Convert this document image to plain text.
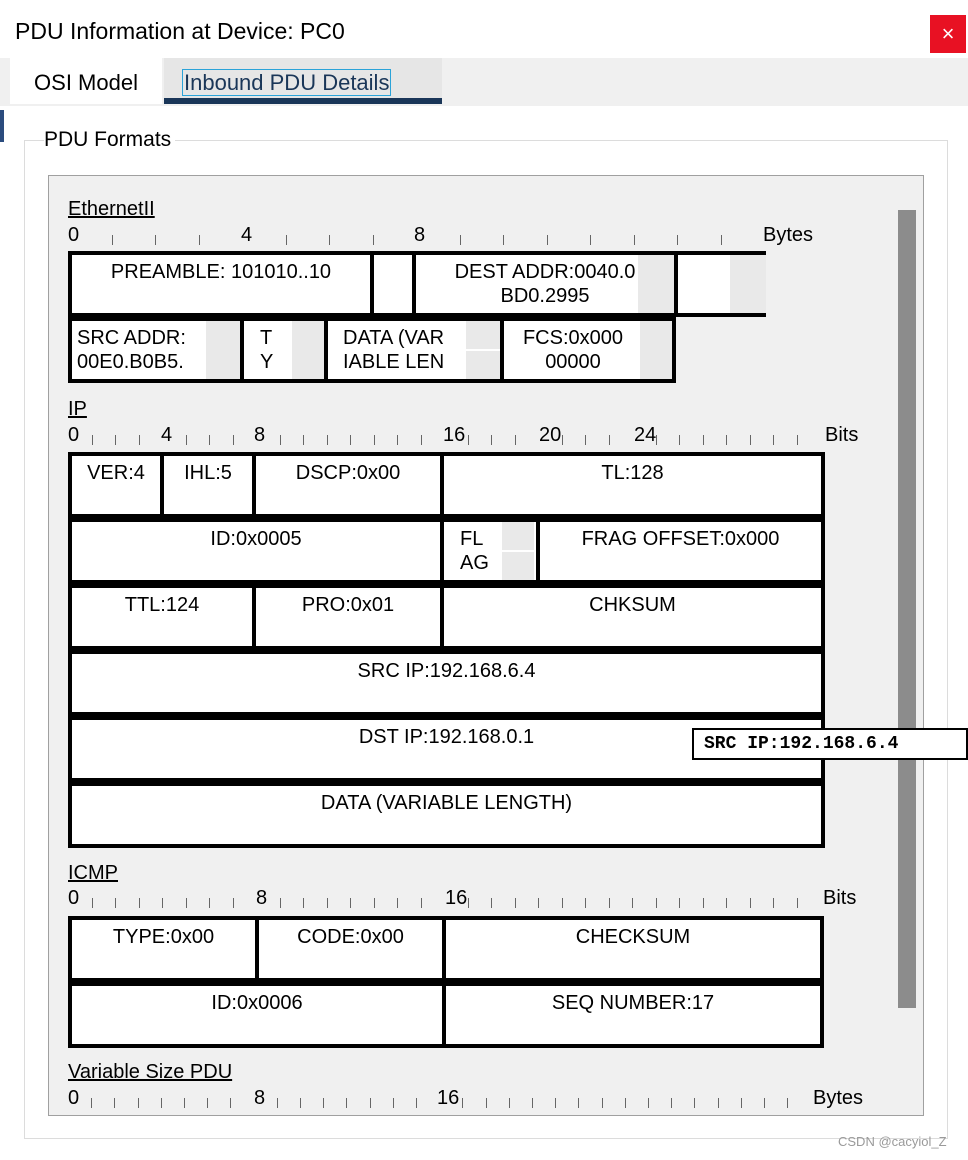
PDU Information at Device: PC0	×
OSI Model	Inbound PDU Details
PDU Formats
EthernetII
0	4	8	Bytes
PREAMBLE: 101010..10	DEST ADDR:0040.0
BD0.2995
SRC ADDR:
00E0.B0B5.
T
Y
DATA (VAR
IABLE LEN
FCS:0x000
00000
IP
0	4	8	16	20	24	Bits
VER:4	IHL:5	DSCP:0x00	TL:128
ID:0x0005	FL
AG
FRAG OFFSET:0x000
TTL:124	PRO:0x01	CHKSUM
SRC IP:192.168.6.4
DST IP:192.168.0.1
DATA (VARIABLE LENGTH)
ICMP
0	8	16	Bits
TYPE:0x00	CODE:0x00	CHECKSUM
ID:0x0006	SEQ NUMBER:17
Variable Size PDU
0	8	16	Bytes
SRC IP:192.168.6.4
CSDN @cacyiol_Z
